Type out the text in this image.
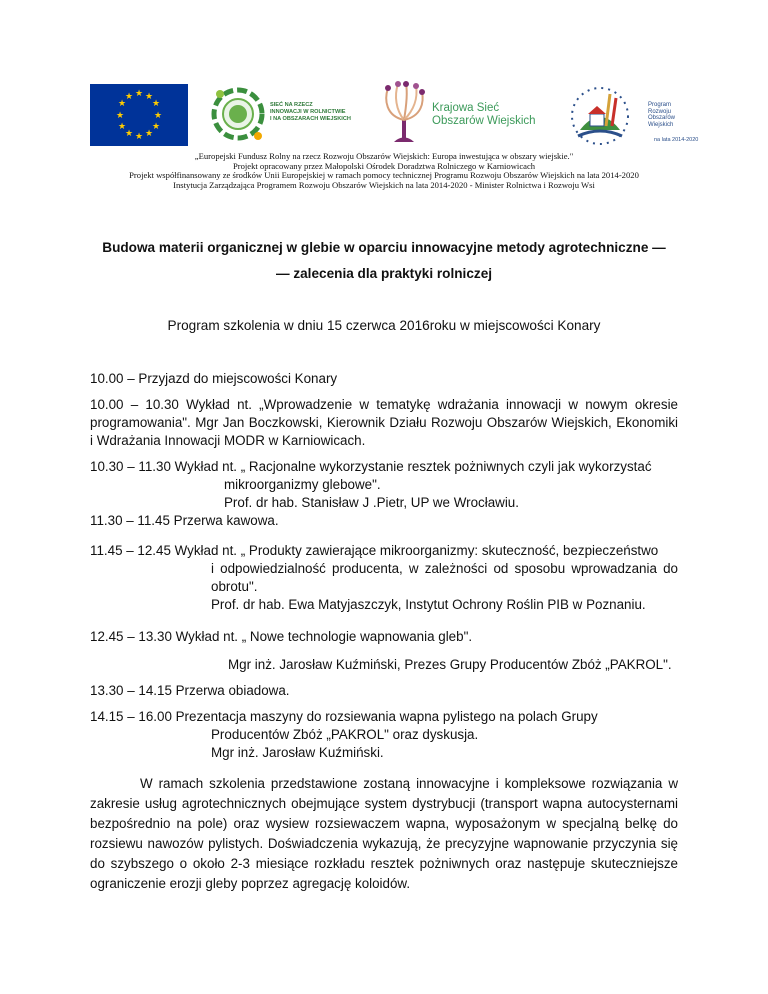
★ ★
★
★
★
★
★
★
★
★
★
★
SIEĆ NA RZECZ
INNOWACJI W ROLNICTWIE
I NA OBSZARACH WIEJSKICH
Krajowa Sieć
Obszarów Wiejskich
Program
Rozwoju
Obszarów
Wiejskich
na lata 2014-2020
„Europejski Fundusz Rolny na rzecz Rozwoju Obszarów Wiejskich: Europa inwestująca w obszary wiejskie."
Projekt opracowany przez Małopolski Ośrodek Doradztwa Rolniczego w Karniowicach
Projekt współfinansowany ze środków Unii Europejskiej w ramach pomocy technicznej Programu Rozwoju Obszarów Wiejskich na lata 2014-2020
Instytucja Zarządzająca Programem Rozwoju Obszarów Wiejskich na lata 2014-2020 - Minister Rolnictwa i Rozwoju Wsi
Budowa materii organicznej w glebie w oparciu innowacyjne metody agrotechniczne —
— zalecenia dla praktyki rolniczej
Program szkolenia w dniu 15 czerwca 2016roku w miejscowości Konary
10.00 – Przyjazd do miejscowości Konary
10.00 – 10.30 Wykład nt. „Wprowadzenie w tematykę wdrażania innowacji w nowym okresie programowania". Mgr Jan Boczkowski, Kierownik Działu Rozwoju Obszarów Wiejskich, Ekonomiki i Wdrażania Innowacji MODR w Karniowicach.
10.30 – 11.30 Wykład nt. „ Racjonalne wykorzystanie resztek pożniwnych czyli jak wykorzystać
mikroorganizmy glebowe".
Prof. dr hab. Stanisław J .Pietr, UP we Wrocławiu.
11.30 – 11.45 Przerwa kawowa.
11.45 – 12.45 Wykład nt. „ Produkty zawierające mikroorganizmy: skuteczność, bezpieczeństwo
i odpowiedzialność producenta, w zależności od sposobu wprowadzania do obrotu".
Prof. dr hab. Ewa Matyjaszczyk, Instytut Ochrony Roślin PIB w Poznaniu.
12.45 – 13.30 Wykład nt. „ Nowe technologie wapnowania gleb".
Mgr inż. Jarosław Kuźmiński, Prezes Grupy Producentów Zbóż „PAKROL".
13.30 – 14.15 Przerwa obiadowa.
14.15 – 16.00 Prezentacja maszyny do rozsiewania wapna pylistego na polach Grupy
Producentów Zbóż „PAKROL" oraz dyskusja.
Mgr inż. Jarosław Kuźmiński.
W ramach szkolenia przedstawione zostaną innowacyjne i kompleksowe rozwiązania w zakresie usług agrotechnicznych obejmujące system dystrybucji (transport wapna autocysternami bezpośrednio na pole) oraz wysiew rozsiewaczem wapna, wyposażonym w specjalną belkę do rozsiewu nawozów pylistych. Doświadczenia wykazują, że precyzyjne wapnowanie przyczynia się do szybszego o około 2-3 miesiące rozkładu resztek pożniwnych oraz następuje skuteczniejsze ograniczenie erozji gleby poprzez agregację koloidów.
